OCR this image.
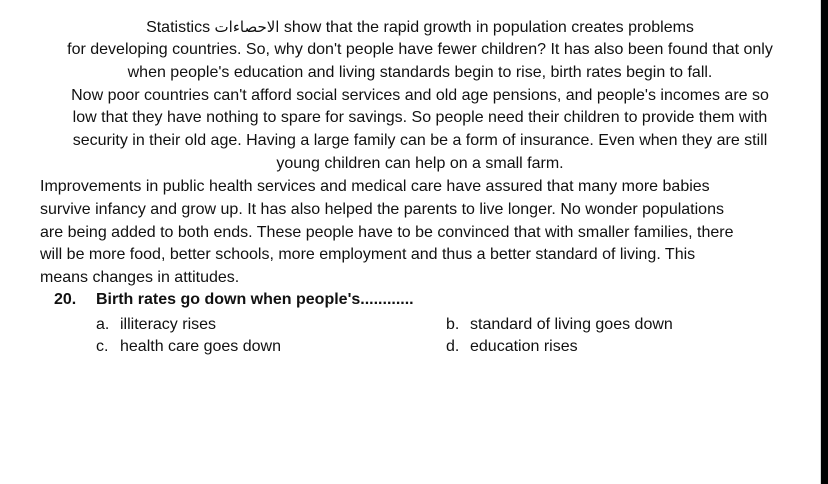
Statistics الاحصاءات show that the rapid growth in population creates problems
for developing countries. So, why don't people have fewer children? It has also been found that only
when people's education and living standards begin to rise, birth rates begin to fall.
Now poor countries can't afford social services and old age pensions, and people's incomes are so
low that they have nothing to spare for savings. So people need their children to provide them with
security in their old age. Having a large family can be a form of insurance. Even when they are still
young children can help on a small farm.
Improvements in public health services and medical care have assured that many more babies
survive infancy and grow up. It has also helped the parents to live longer. No wonder populations
are being added to both ends. These people have to be convinced that with smaller families, there
will be more food, better schools, more employment and thus a better standard of living. This
means changes in attitudes.
20. Birth rates go down when people's............
a. illiteracy rises	b. standard of living goes down
c. health care goes down	d. education rises
